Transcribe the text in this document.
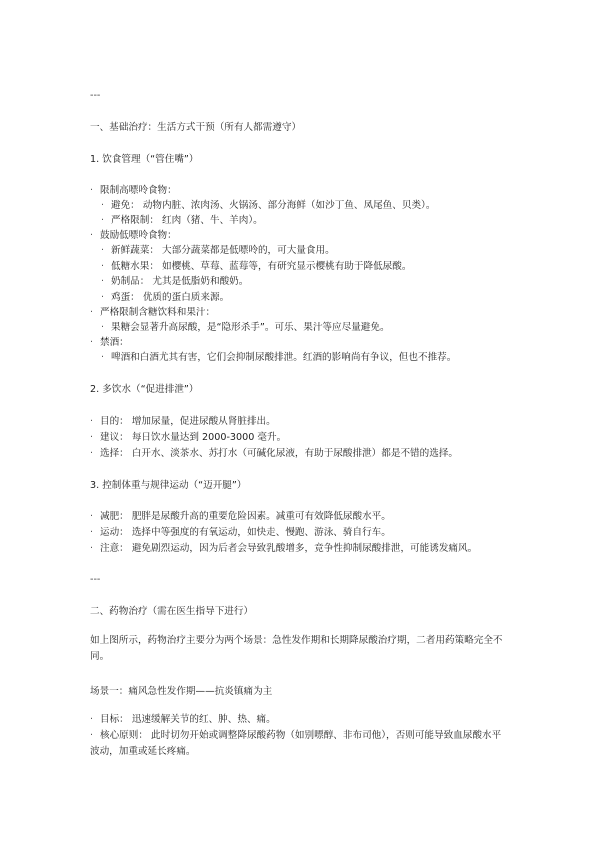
---
一、基础治疗：生活方式干预（所有人都需遵守）
1. 饮食管理（“管住嘴”）
· 限制高嘌呤食物：
· 避免： 动物内脏、浓肉汤、火锅汤、部分海鲜（如沙丁鱼、凤尾鱼、贝类）。
· 严格限制： 红肉（猪、牛、羊肉）。
· 鼓励低嘌呤食物：
· 新鲜蔬菜： 大部分蔬菜都是低嘌呤的，可大量食用。
· 低糖水果： 如樱桃、草莓、蓝莓等，有研究显示樱桃有助于降低尿酸。
· 奶制品： 尤其是低脂奶和酸奶。
· 鸡蛋： 优质的蛋白质来源。
· 严格限制含糖饮料和果汁：
· 果糖会显著升高尿酸，是“隐形杀手”。可乐、果汁等应尽量避免。
· 禁酒：
· 啤酒和白酒尤其有害，它们会抑制尿酸排泄。红酒的影响尚有争议，但也不推荐。
2. 多饮水（“促进排泄”）
· 目的： 增加尿量，促进尿酸从肾脏排出。
· 建议： 每日饮水量达到 2000-3000 毫升。
· 选择： 白开水、淡茶水、苏打水（可碱化尿液，有助于尿酸排泄）都是不错的选择。
3. 控制体重与规律运动（“迈开腿”）
· 减肥： 肥胖是尿酸升高的重要危险因素。减重可有效降低尿酸水平。
· 运动： 选择中等强度的有氧运动，如快走、慢跑、游泳、骑自行车。
· 注意： 避免剧烈运动，因为后者会导致乳酸增多，竞争性抑制尿酸排泄，可能诱发痛风。
---
二、药物治疗（需在医生指导下进行）
如上图所示，药物治疗主要分为两个场景：急性发作期和长期降尿酸治疗期，二者用药策略完全不同。
场景一：痛风急性发作期——抗炎镇痛为主
· 目标： 迅速缓解关节的红、肿、热、痛。
· 核心原则： 此时切勿开始或调整降尿酸药物（如别嘌醇、非布司他），否则可能导致血尿酸水平波动，加重或延长疼痛。
